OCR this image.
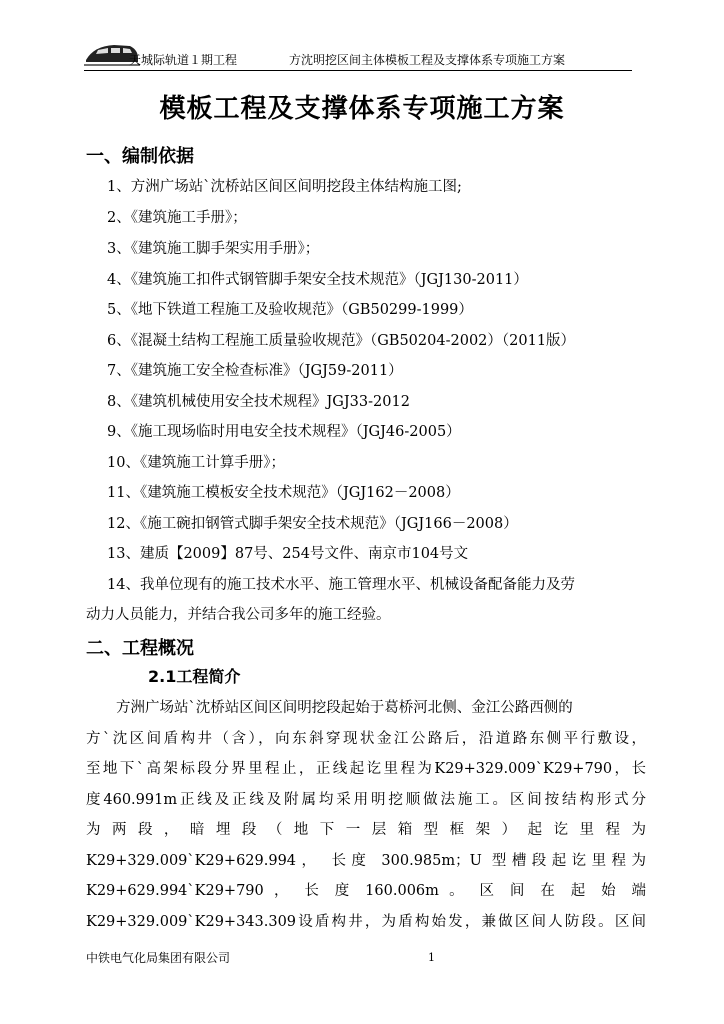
天城际轨道１期工程	方沈明挖区间主体模板工程及支撑体系专项施工方案
模板工程及支撑体系专项施工方案
一、编制依据
1、方洲广场站`沈桥站区间区间明挖段主体结构施工图;
2、《建筑施工手册》；
3、《建筑施工脚手架实用手册》；
4、《建筑施工扣件式钢管脚手架安全技术规范》（JGJ130-2011）
5、《地下铁道工程施工及验收规范》（GB50299-1999）
6、《混凝土结构工程施工质量验收规范》（GB50204-2002）（2011版）
7、《建筑施工安全检查标准》（JGJ59-2011）
8、《建筑机械使用安全技术规程》JGJ33-2012
9、《施工现场临时用电安全技术规程》（JGJ46-2005）
10、《建筑施工计算手册》；
11、《建筑施工模板安全技术规范》（JGJ162－2008）
12、《施工碗扣钢管式脚手架安全技术规范》（JGJ166－2008）
13、建质【2009】87号、254号文件、南京市104号文
14、我单位现有的施工技术水平、施工管理水平、机械设备配备能力及劳
动力人员能力，并结合我公司多年的施工经验。
二、工程概况
2.1工程简介
方洲广场站`沈桥站区间区间明挖段起始于葛桥河北侧、金江公路西侧的
方`沈区间盾构井（含），向东斜穿现状金江公路后，沿道路东侧平行敷设，
至地下`高架标段分界里程止，正线起讫里程为K29+329.009`K29+790，长
度460.991m正线及正线及附属均采用明挖顺做法施工。区间按结构形式分
为 两 段 ， 暗 埋 段 （ 地 下 一 层 箱 型 框 架 ） 起 讫 里 程 为
K29+329.009`K29+629.994， 长度 300.985m；U 型槽段起讫里程为
K29+629.994`K29+790 ， 长 度 160.006m 。 区 间 在 起 始 端
K29+329.009`K29+343.309设盾构井，为盾构始发，兼做区间人防段。区间
中铁电气化局集团有限公司	1
